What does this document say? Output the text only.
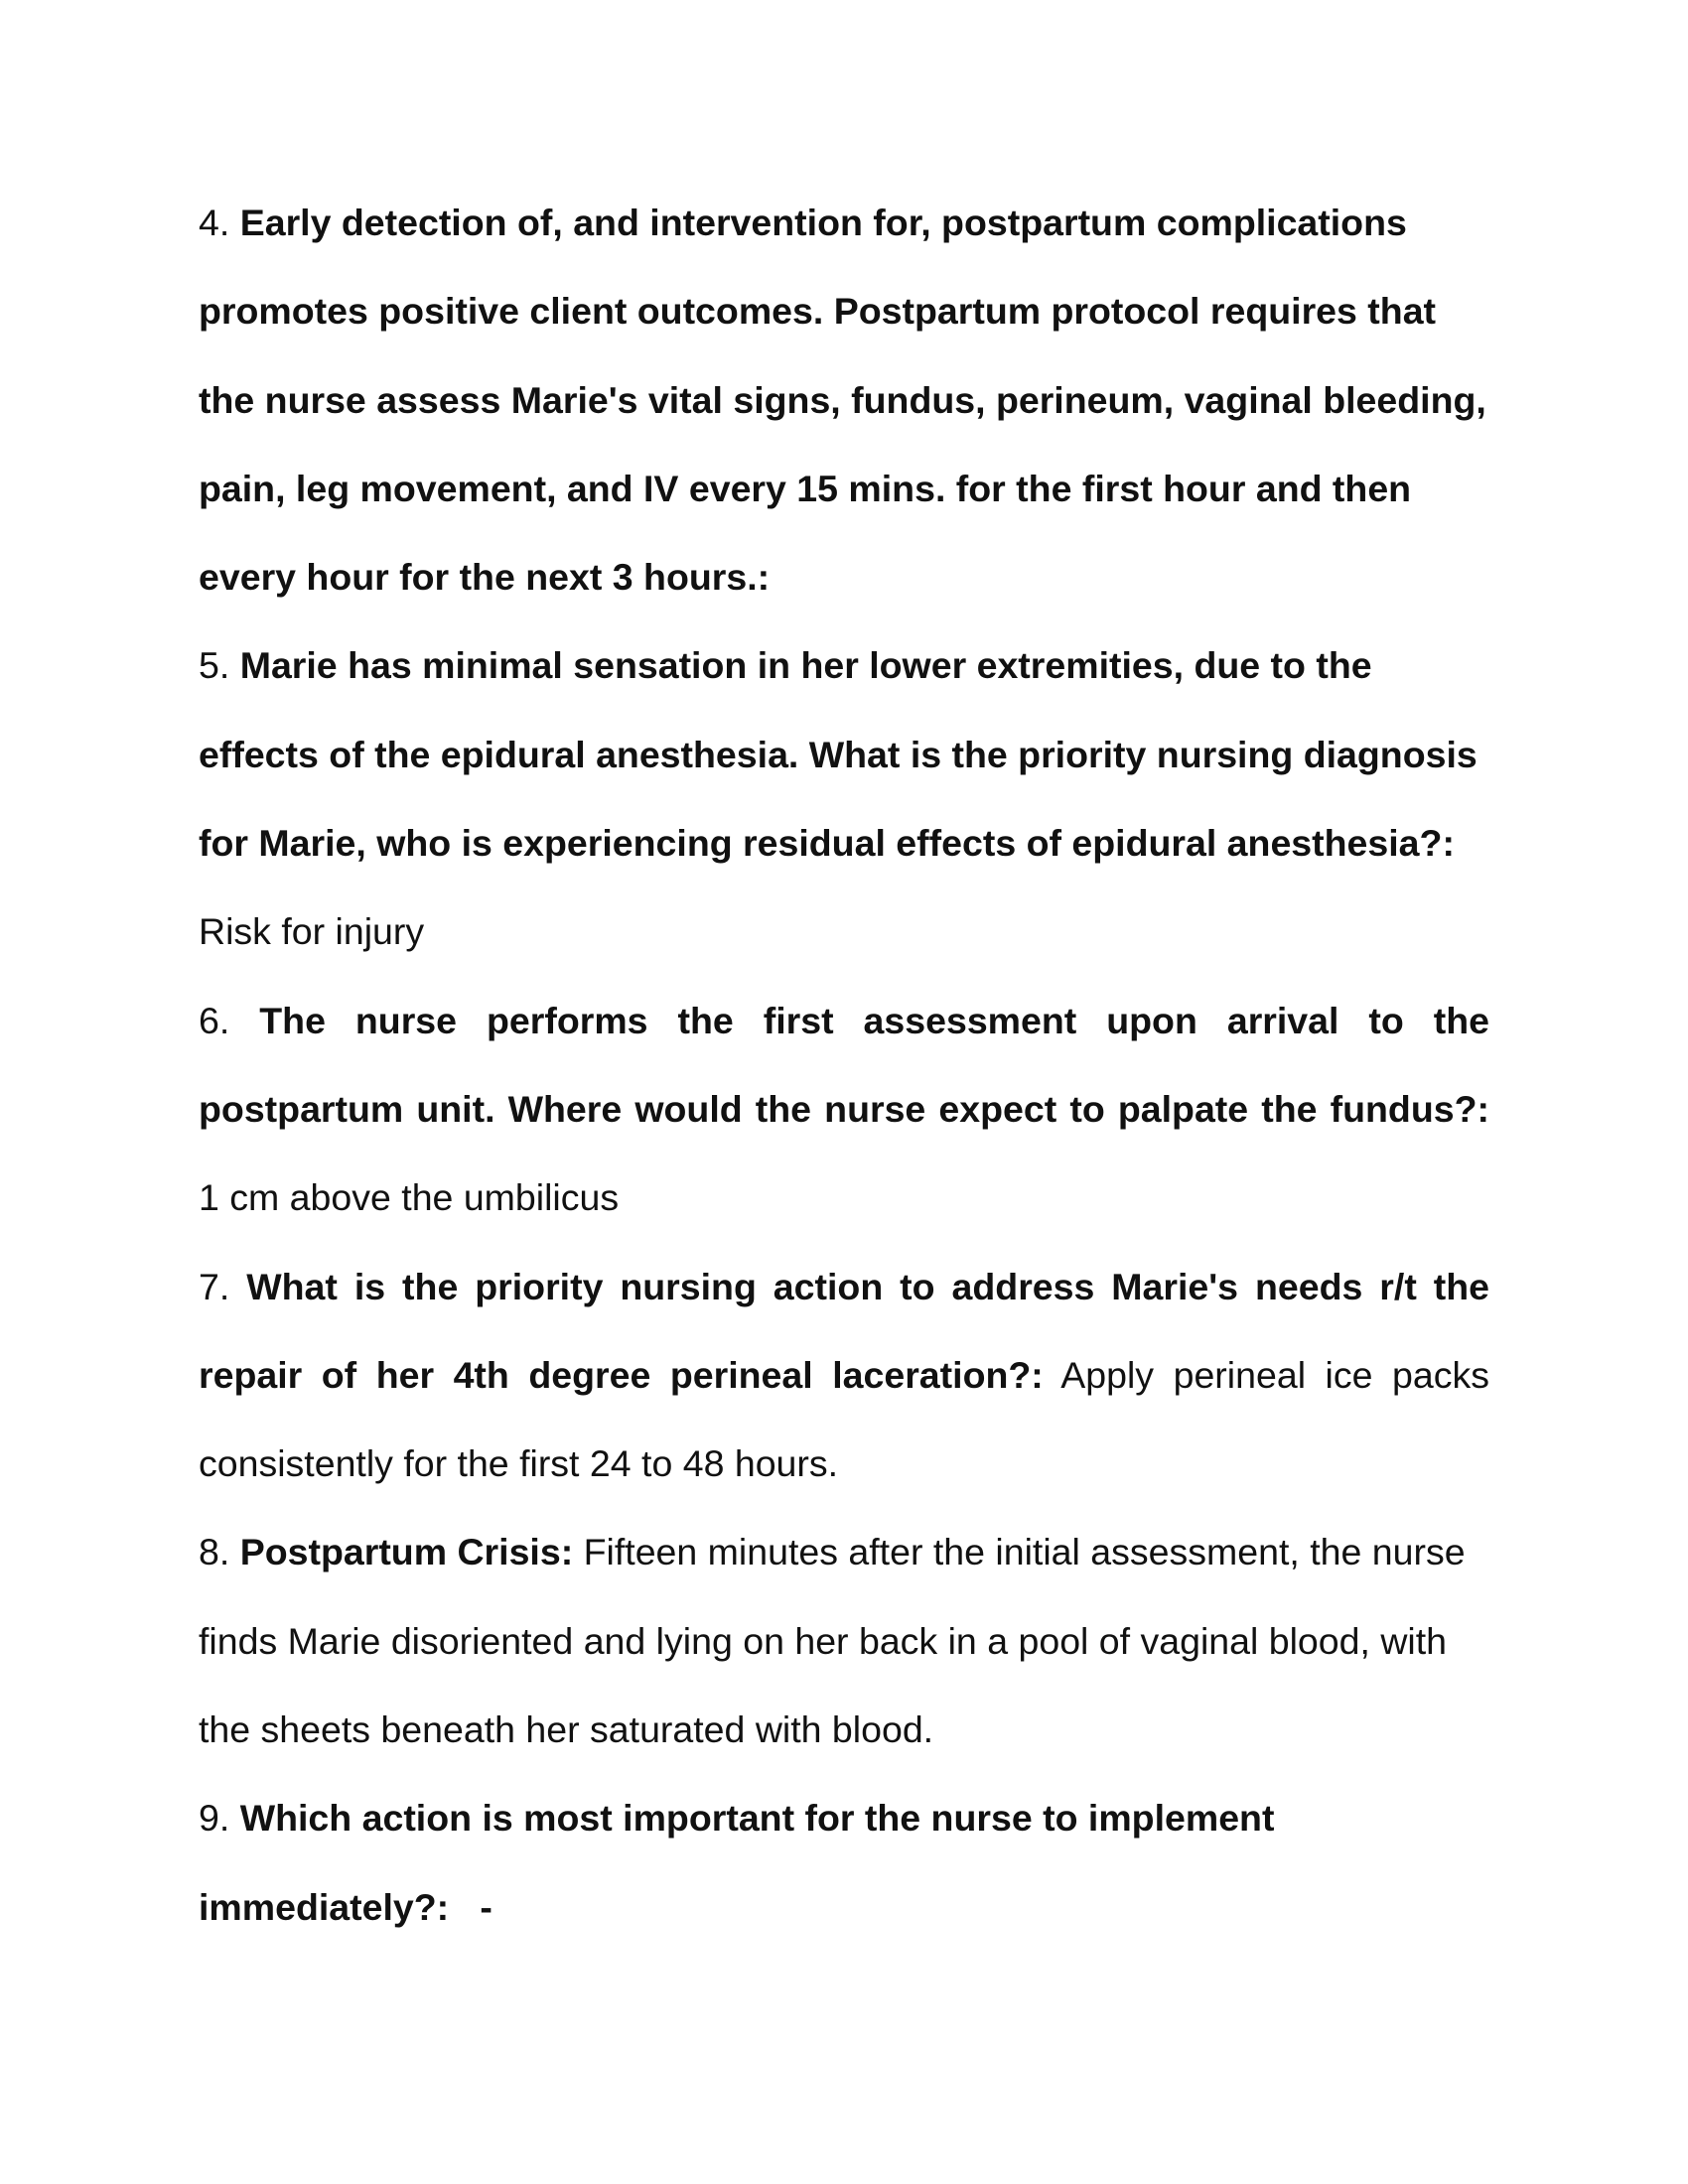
4. Early detection of, and intervention for, postpartum complications promotes positive client outcomes. Postpartum protocol requires that the nurse assess Marie's vital signs, fundus, perineum, vaginal bleeding, pain, leg movement, and IV every 15 mins. for the first hour and then every hour for the next 3 hours.:

5. Marie has minimal sensation in her lower extremities, due to the effects of the epidural anesthesia. What is the priority nursing diagnosis for Marie, who is experiencing residual effects of epidural anesthesia?: Risk for injury

6. The nurse performs the first assessment upon arrival to the postpartum unit. Where would the nurse expect to palpate the fundus?: 1 cm above the umbilicus

7. What is the priority nursing action to address Marie's needs r/t the repair of her 4th degree perineal laceration?: Apply perineal ice packs consistently for the first 24 to 48 hours.

8. Postpartum Crisis: Fifteen minutes after the initial assessment, the nurse finds Marie disoriented and lying on her back in a pool of vaginal blood, with the sheets beneath her saturated with blood.

9. Which action is most important for the nurse to implement immediately?: -
